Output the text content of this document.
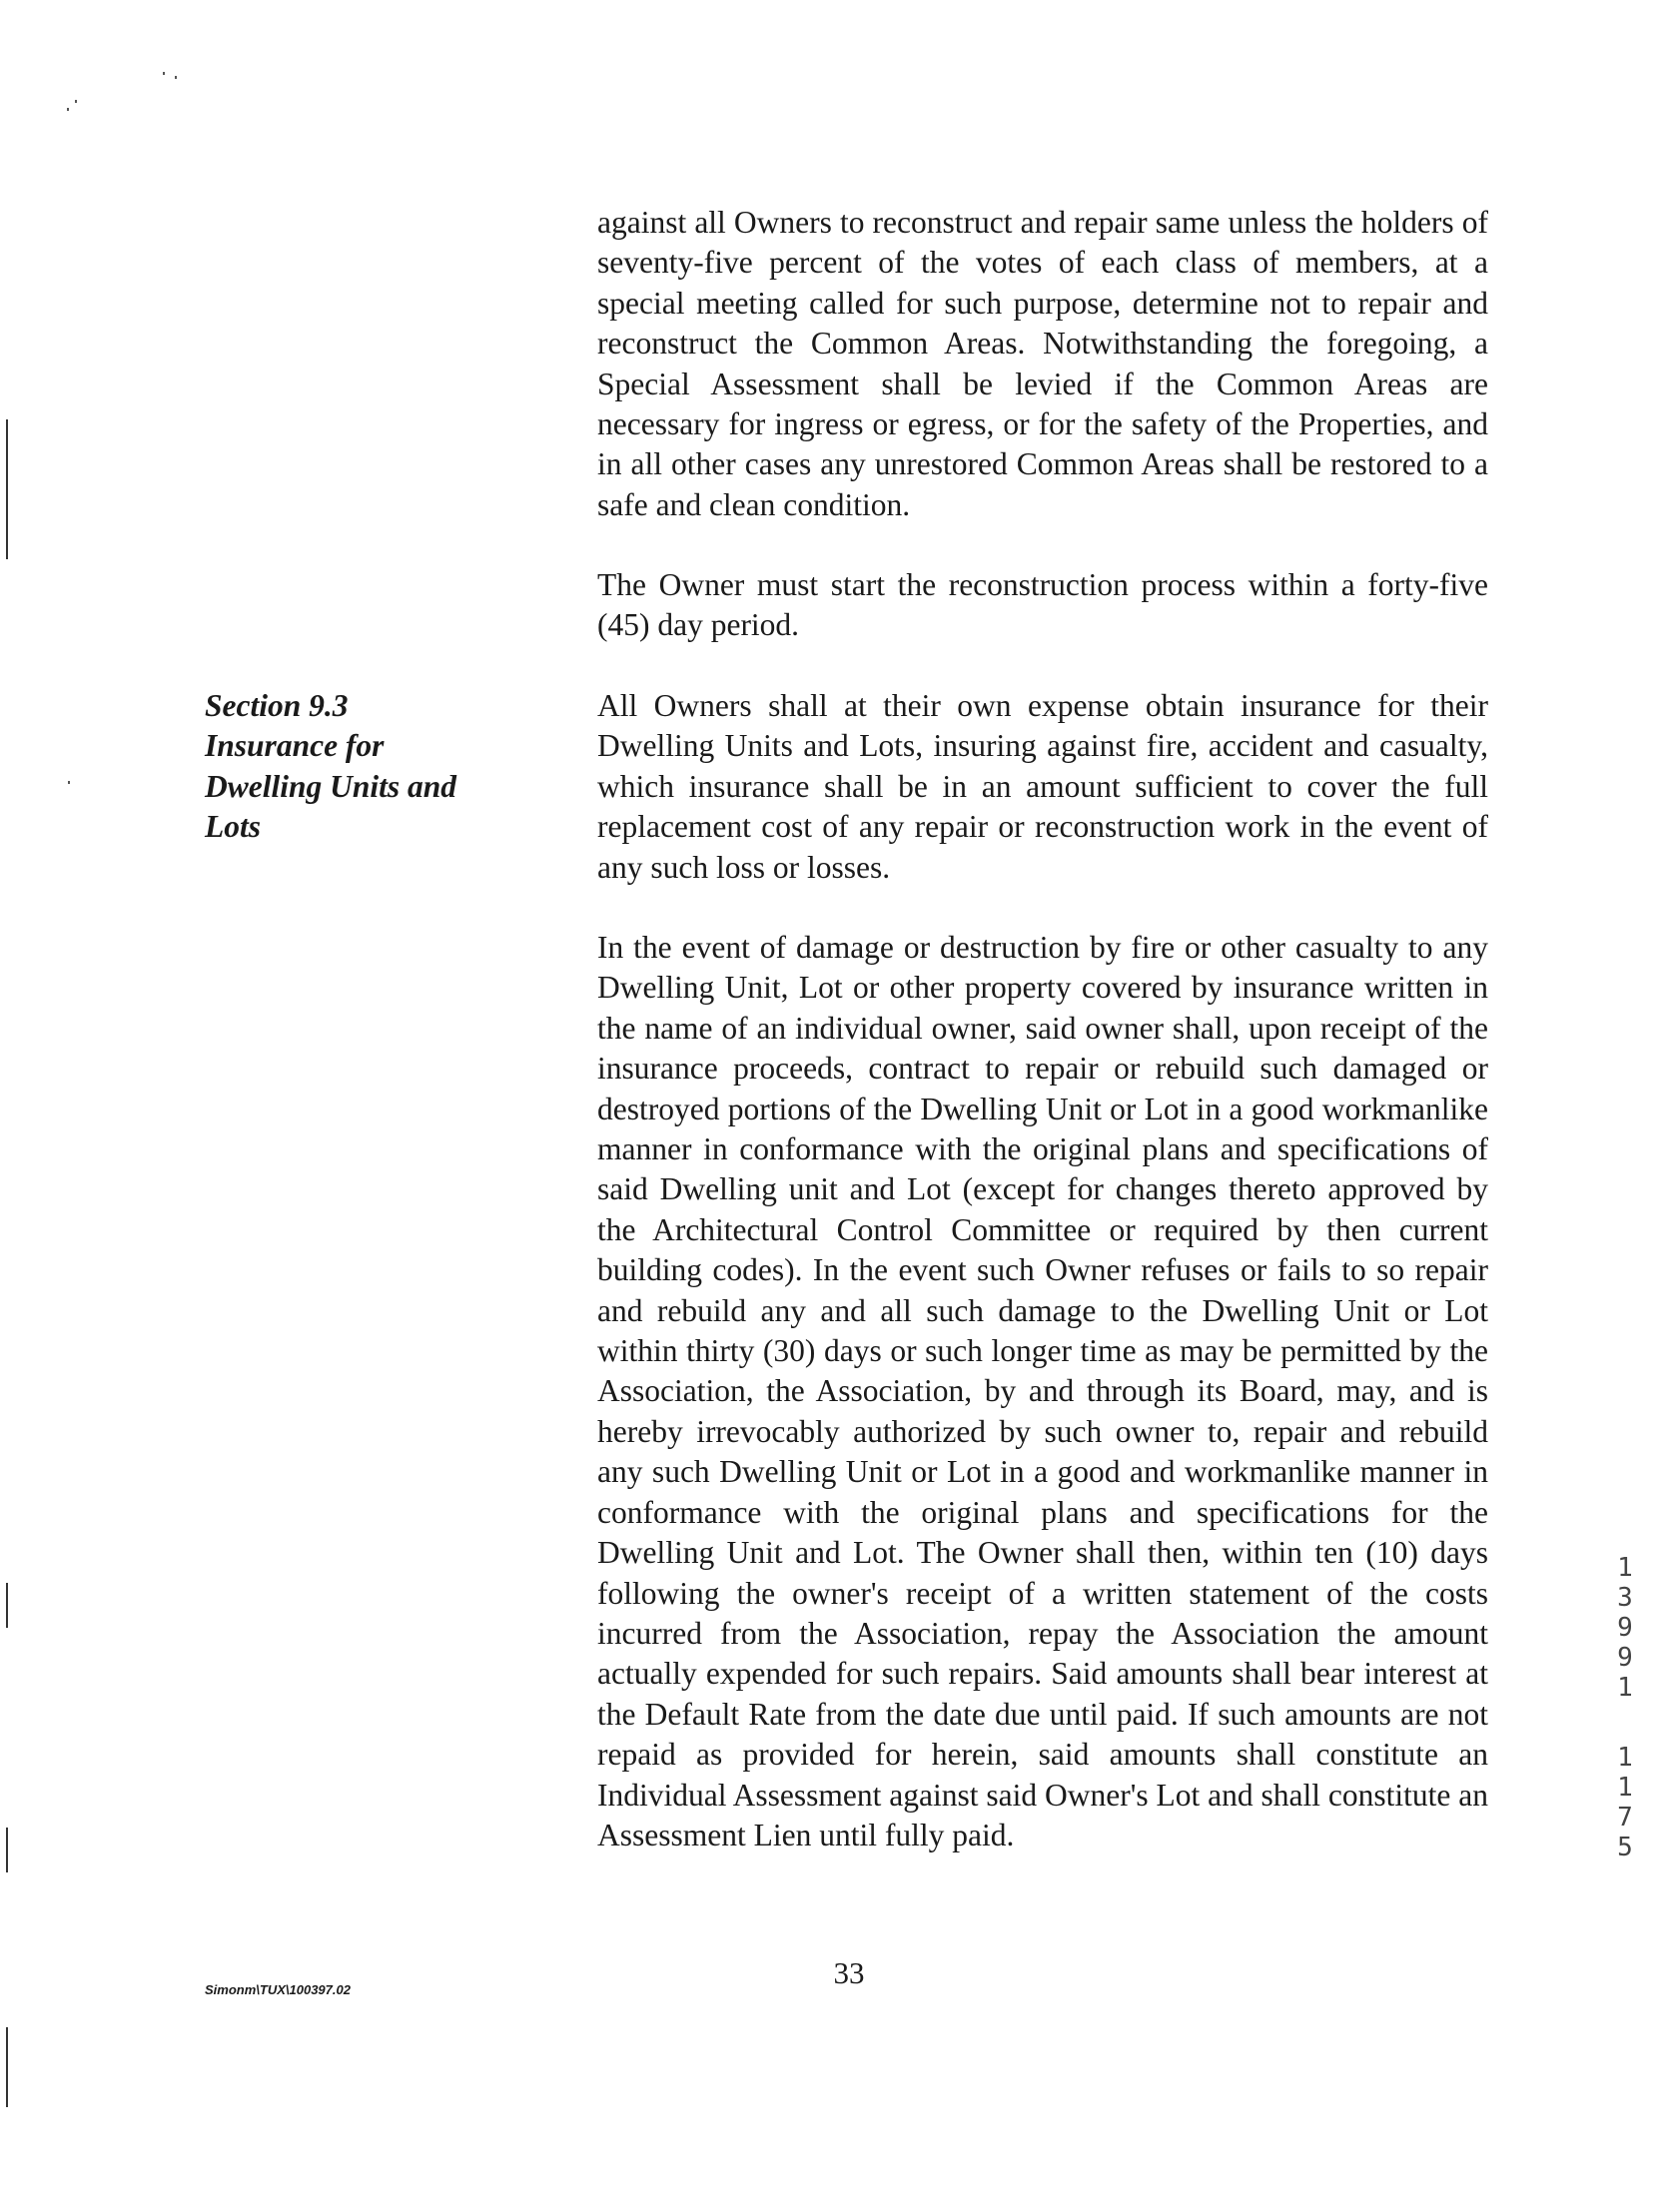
Section 9.3
Insurance for
Dwelling Units and
Lots

against all Owners to reconstruct and repair same unless the holders of seventy-five percent of the votes of each class of members, at a special meeting called for such purpose, determine not to repair and reconstruct the Common Areas. Notwithstanding the foregoing, a Special Assessment shall be levied if the Common Areas are necessary for ingress or egress, or for the safety of the Properties, and in all other cases any unrestored Common Areas shall be restored to a safe and clean condition.

The Owner must start the reconstruction process within a forty-five (45) day period.

All Owners shall at their own expense obtain insurance for their Dwelling Units and Lots, insuring against fire, accident and casualty, which insurance shall be in an amount sufficient to cover the full replacement cost of any repair or reconstruction work in the event of any such loss or losses.

In the event of damage or destruction by fire or other casualty to any Dwelling Unit, Lot or other property covered by insurance written in the name of an individual owner, said owner shall, upon receipt of the insurance proceeds, contract to repair or rebuild such damaged or destroyed portions of the Dwelling Unit or Lot in a good workmanlike manner in conformance with the original plans and specifications of said Dwelling unit and Lot (except for changes thereto approved by the Architectural Control Committee or required by then current building codes). In the event such Owner refuses or fails to so repair and rebuild any and all such damage to the Dwelling Unit or Lot within thirty (30) days or such longer time as may be permitted by the Association, the Association, by and through its Board, may, and is hereby irrevocably authorized by such owner to, repair and rebuild any such Dwelling Unit or Lot in a good and workmanlike manner in conformance with the original plans and specifications for the Dwelling Unit and Lot. The Owner shall then, within ten (10) days following the owner's receipt of a written statement of the costs incurred from the Association, repay the Association the amount actually expended for such repairs. Said amounts shall bear interest at the Default Rate from the date due until paid. If such amounts are not repaid as provided for herein, said amounts shall constitute an Individual Assessment against said Owner's Lot and shall constitute an Assessment Lien until fully paid.

Simonm\TUX\100397.02	33
1
3
9
9
1
1
1
7
5
